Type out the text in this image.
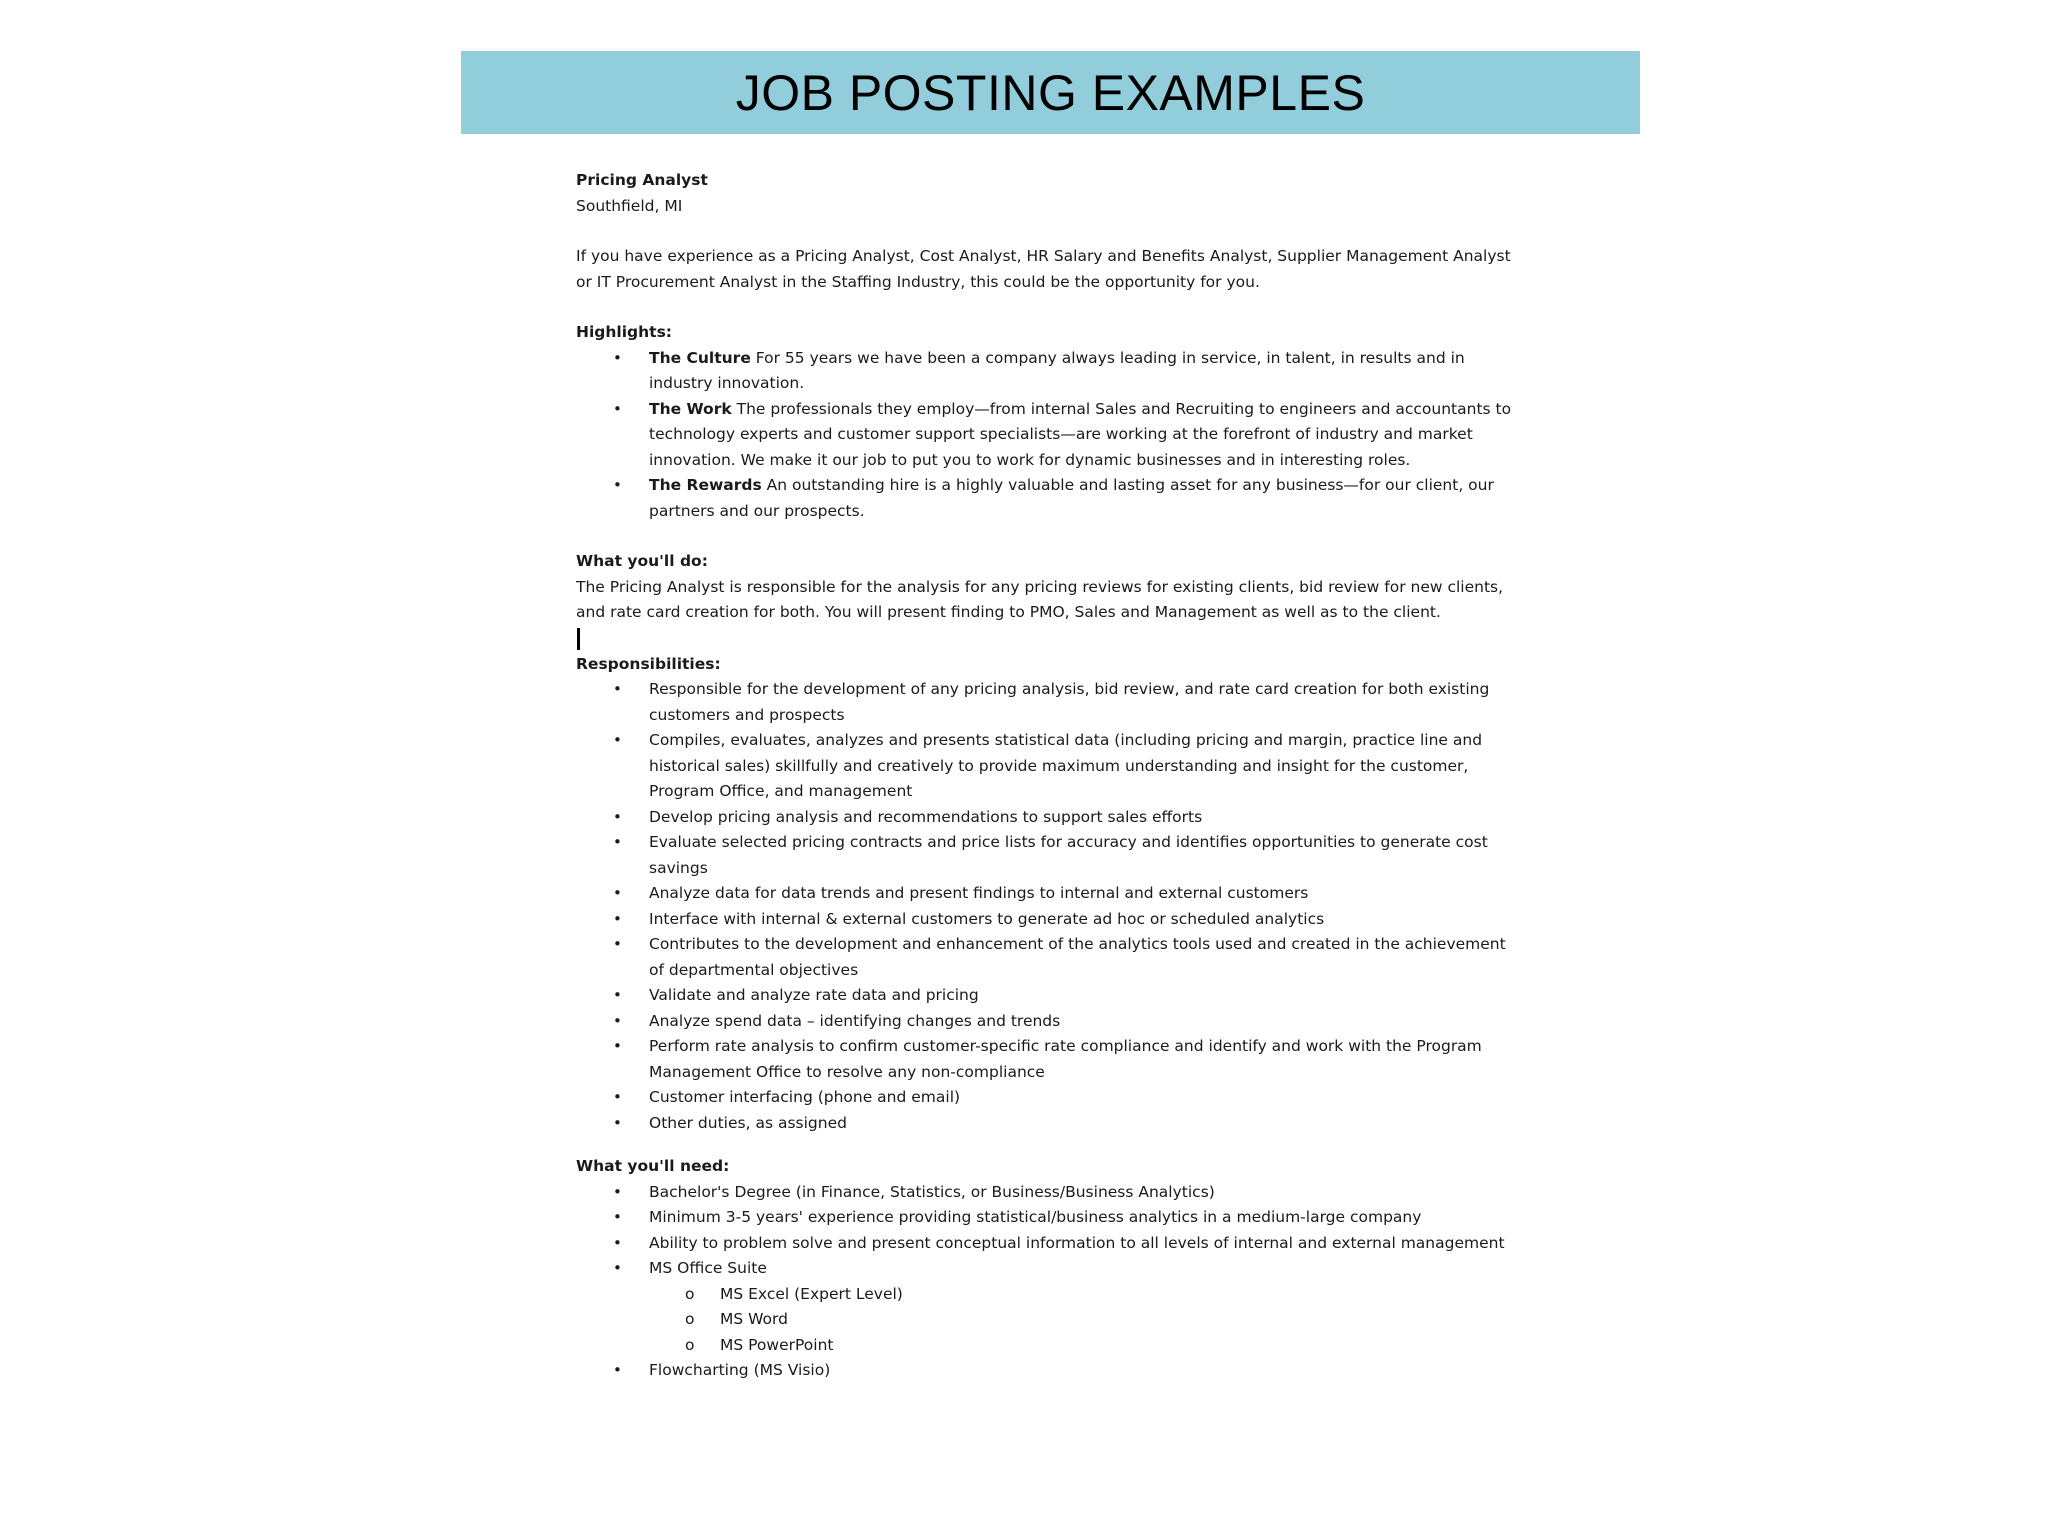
JOB POSTING EXAMPLES

Pricing Analyst

Southfield, MI

If you have experience as a Pricing Analyst, Cost Analyst, HR Salary and Benefits Analyst, Supplier Management Analyst or IT Procurement Analyst in the Staffing Industry, this could be the opportunity for you.

Highlights:

• The Culture For 55 years we have been a company always leading in service, in talent, in results and in industry innovation.
• The Work The professionals they employ—from internal Sales and Recruiting to engineers and accountants to technology experts and customer support specialists—are working at the forefront of industry and market innovation. We make it our job to put you to work for dynamic businesses and in interesting roles.
• The Rewards An outstanding hire is a highly valuable and lasting asset for any business—for our client, our partners and our prospects.

What you'll do:

The Pricing Analyst is responsible for the analysis for any pricing reviews for existing clients, bid review for new clients, and rate card creation for both. You will present finding to PMO, Sales and Management as well as to the client.

Responsibilities:

• Responsible for the development of any pricing analysis, bid review, and rate card creation for both existing customers and prospects
• Compiles, evaluates, analyzes and presents statistical data (including pricing and margin, practice line and historical sales) skillfully and creatively to provide maximum understanding and insight for the customer, Program Office, and management
• Develop pricing analysis and recommendations to support sales efforts
• Evaluate selected pricing contracts and price lists for accuracy and identifies opportunities to generate cost savings
• Analyze data for data trends and present findings to internal and external customers
• Interface with internal & external customers to generate ad hoc or scheduled analytics
• Contributes to the development and enhancement of the analytics tools used and created in the achievement of departmental objectives
• Validate and analyze rate data and pricing
• Analyze spend data – identifying changes and trends
• Perform rate analysis to confirm customer-specific rate compliance and identify and work with the Program Management Office to resolve any non-compliance
• Customer interfacing (phone and email)
• Other duties, as assigned

What you'll need:

• Bachelor's Degree (in Finance, Statistics, or Business/Business Analytics)
• Minimum 3-5 years' experience providing statistical/business analytics in a medium-large company
• Ability to problem solve and present conceptual information to all levels of internal and external management
• MS Office Suite
o MS Excel (Expert Level)
o MS Word
o MS PowerPoint
• Flowcharting (MS Visio)
